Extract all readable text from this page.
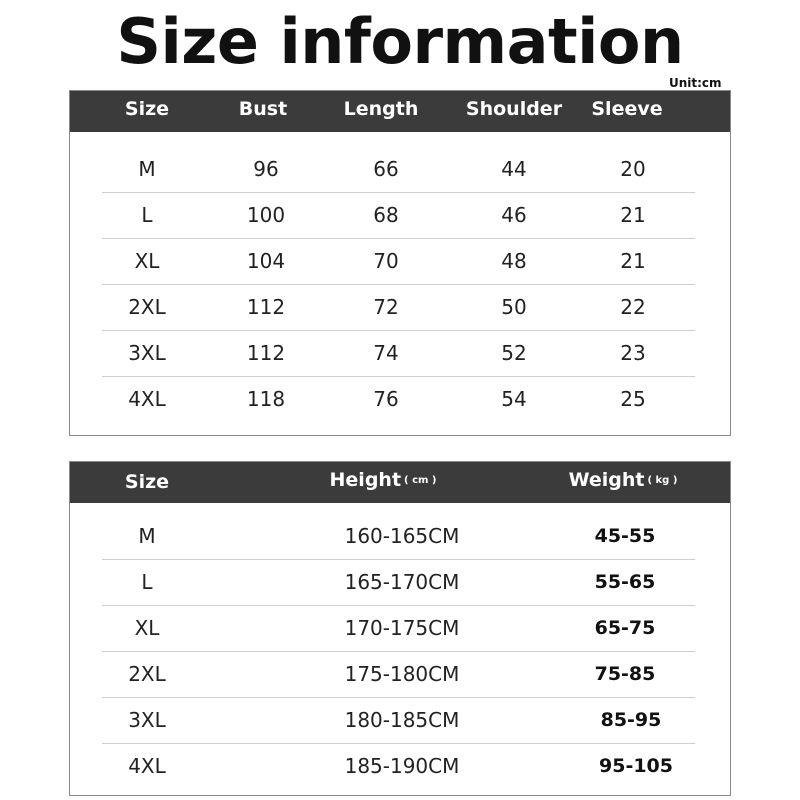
Size information
Unit:cm
Size	Bust	Length	Shoulder	Sleeve
M	96	66	44	20
L	100	68	46	21
XL	104	70	48	21
2XL	112	72	50	22
3XL	112	74	52	23
4XL	118	76	54	25
Size	Height ( cm )	Weight ( kg )
M	160-165CM	45-55
L	165-170CM	55-65
XL	170-175CM	65-75
2XL	175-180CM	75-85
3XL	180-185CM	85-95
4XL	185-190CM	95-105
